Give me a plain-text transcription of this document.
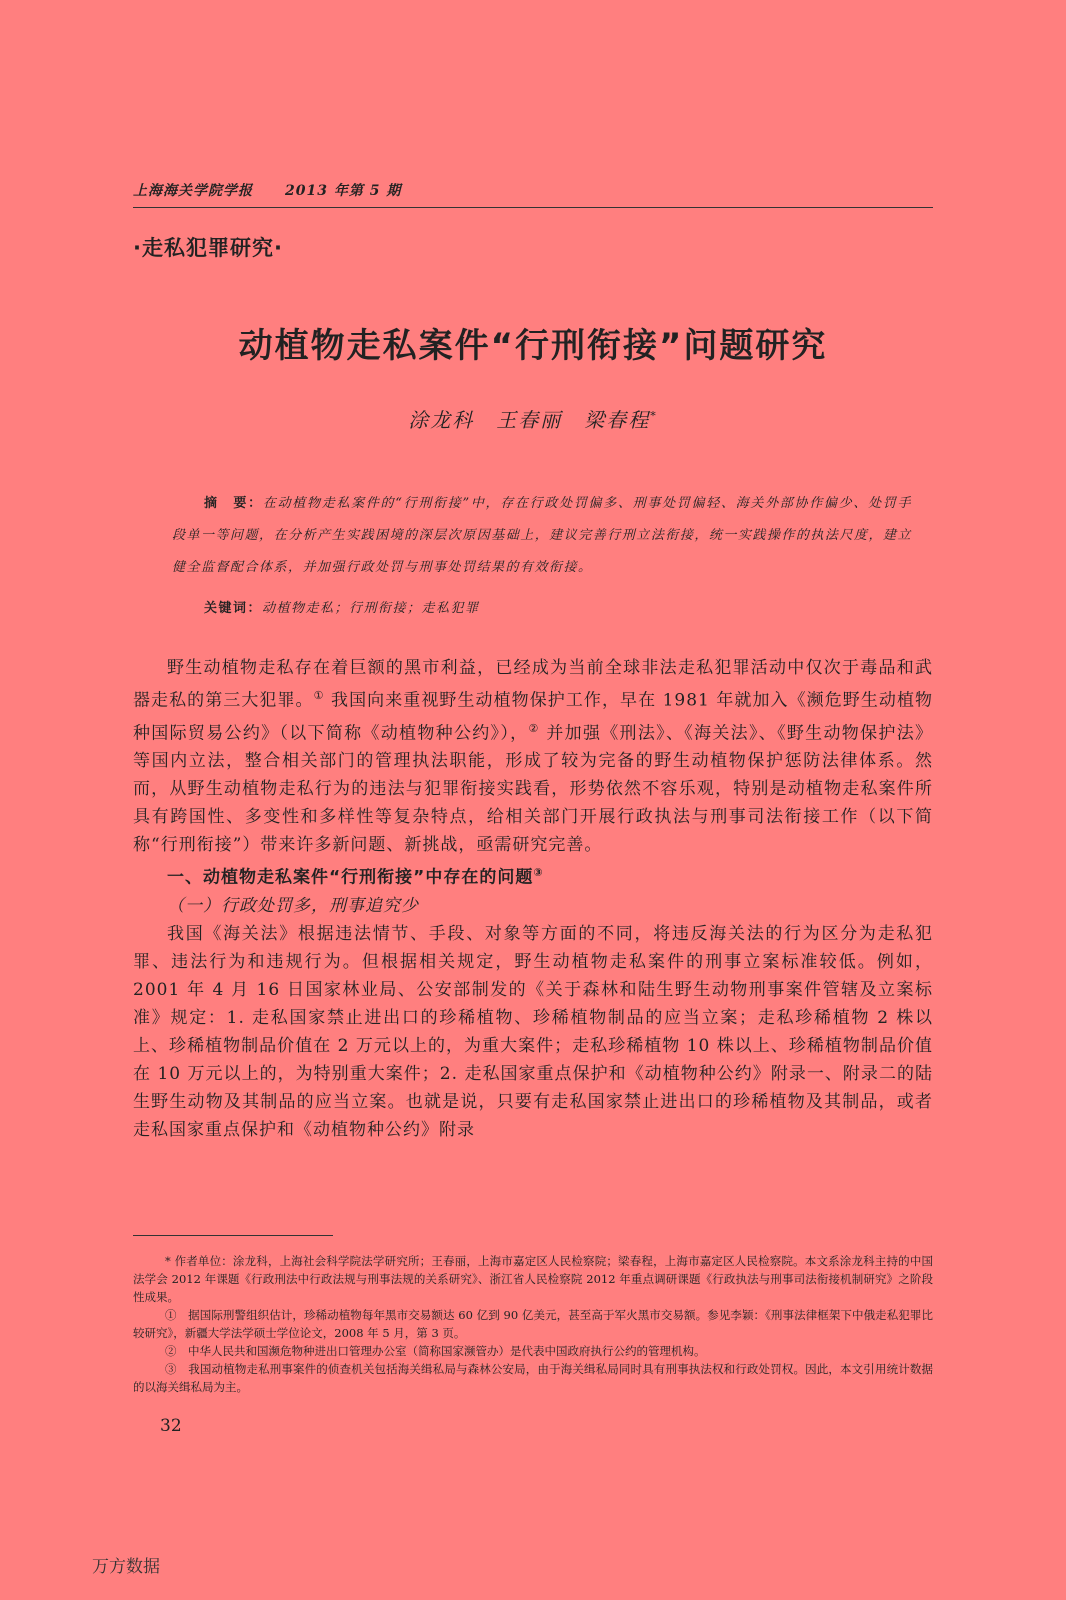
上海海关学院学报 2013 年第 5 期
·走私犯罪研究·
动植物走私案件“行刑衔接”问题研究
涂龙科 王春丽 梁春程*
摘　要：在动植物走私案件的“行刑衔接”中，存在行政处罚偏多、刑事处罚偏轻、海关外部协作偏少、处罚手段单一等问题，在分析产生实践困境的深层次原因基础上，建议完善行刑立法衔接，统一实践操作的执法尺度，建立健全监督配合体系，并加强行政处罚与刑事处罚结果的有效衔接。
关键词：动植物走私；行刑衔接；走私犯罪

野生动植物走私存在着巨额的黑市利益，已经成为当前全球非法走私犯罪活动中仅次于毒品和武器走私的第三大犯罪。① 我国向来重视野生动植物保护工作，早在 1981 年就加入《濒危野生动植物种国际贸易公约》（以下简称《动植物种公约》），② 并加强《刑法》、《海关法》、《野生动物保护法》等国内立法，整合相关部门的管理执法职能，形成了较为完备的野生动植物保护惩防法律体系。然而，从野生动植物走私行为的违法与犯罪衔接实践看，形势依然不容乐观，特别是动植物走私案件所具有跨国性、多变性和多样性等复杂特点，给相关部门开展行政执法与刑事司法衔接工作（以下简称“行刑衔接”）带来许多新问题、新挑战，亟需研究完善。

一、动植物走私案件“行刑衔接”中存在的问题③

（一）行政处罚多，刑事追究少

我国《海关法》根据违法情节、手段、对象等方面的不同，将违反海关法的行为区分为走私犯罪、违法行为和违规行为。但根据相关规定，野生动植物走私案件的刑事立案标准较低。例如，2001 年 4 月 16 日国家林业局、公安部制发的《关于森林和陆生野生动物刑事案件管辖及立案标准》规定：1. 走私国家禁止进出口的珍稀植物、珍稀植物制品的应当立案；走私珍稀植物 2 株以上、珍稀植物制品价值在 2 万元以上的，为重大案件；走私珍稀植物 10 株以上、珍稀植物制品价值在 10 万元以上的，为特别重大案件；2. 走私国家重点保护和《动植物种公约》附录一、附录二的陆生野生动物及其制品的应当立案。也就是说，只要有走私国家禁止进出口的珍稀植物及其制品，或者走私国家重点保护和《动植物种公约》附录

* 作者单位：涂龙科，上海社会科学院法学研究所；王春丽，上海市嘉定区人民检察院；梁春程，上海市嘉定区人民检察院。本文系涂龙科主持的中国法学会 2012 年课题《行政刑法中行政法规与刑事法规的关系研究》、浙江省人民检察院 2012 年重点调研课题《行政执法与刑事司法衔接机制研究》之阶段性成果。

①　据国际刑警组织估计，珍稀动植物每年黑市交易额达 60 亿到 90 亿美元，甚至高于军火黑市交易额。参见李颖：《刑事法律框架下中俄走私犯罪比较研究》，新疆大学法学硕士学位论文，2008 年 5 月，第 3 页。

②　中华人民共和国濒危物种进出口管理办公室（简称国家濒管办）是代表中国政府执行公约的管理机构。

③　我国动植物走私刑事案件的侦查机关包括海关缉私局与森林公安局，由于海关缉私局同时具有刑事执法权和行政处罚权。因此，本文引用统计数据的以海关缉私局为主。

32
万方数据
